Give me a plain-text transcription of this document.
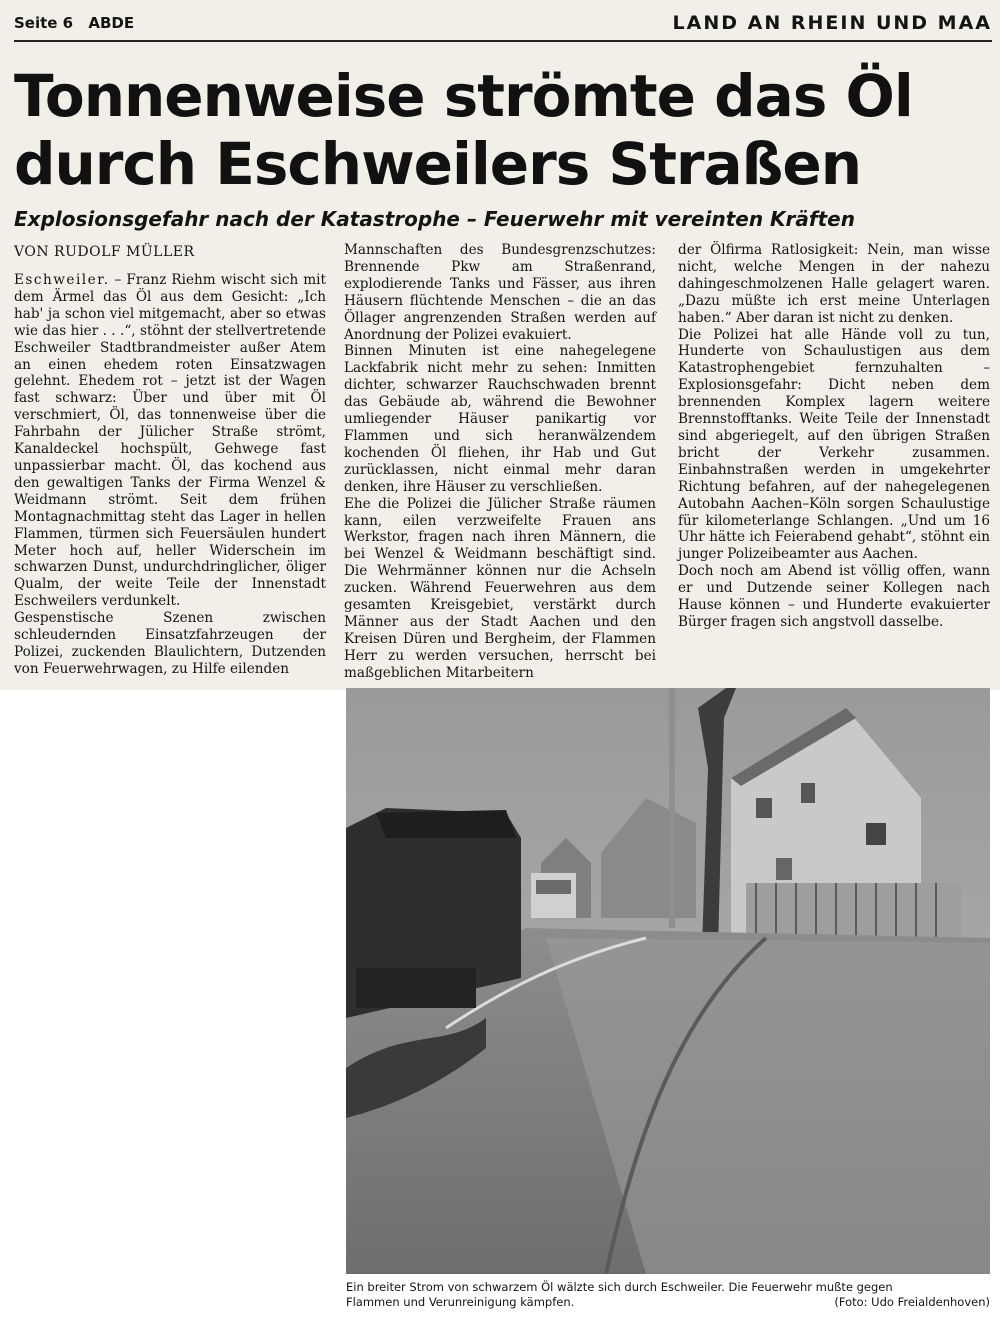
Seite 6 ABDE	LAND AN RHEIN UND MAA
Tonnenweise strömte das Öl
durch Eschweilers Straßen
Explosionsgefahr nach der Katastrophe – Feuerwehr mit vereinten Kräften
VON RUDOLF MÜLLER

Eschweiler. – Franz Riehm wischt sich mit dem Ärmel das Öl aus dem Gesicht: „Ich hab' ja schon viel mitgemacht, aber so etwas wie das hier . . .“, stöhnt der stellvertretende Eschweiler Stadtbrandmeister außer Atem an einen ehedem roten Einsatzwagen gelehnt. Ehedem rot – jetzt ist der Wagen fast schwarz: Über und über mit Öl verschmiert, Öl, das tonnenweise über die Fahrbahn der Jülicher Straße strömt, Kanaldeckel hochspült, Gehwege fast unpassierbar macht. Öl, das kochend aus den gewaltigen Tanks der Firma Wenzel & Weidmann strömt. Seit dem frühen Montagnachmittag steht das Lager in hellen Flammen, türmen sich Feuersäulen hundert Meter hoch auf, heller Widerschein im schwarzen Dunst, undurchdringlicher, öliger Qualm, der weite Teile der Innenstadt Eschweilers verdunkelt.

Gespenstische Szenen zwischen schleudernden Einsatzfahrzeugen der Polizei, zuckenden Blaulichtern, Dutzenden von Feuerwehrwagen, zu Hilfe eilenden

Mannschaften des Bundesgrenzschutzes: Brennende Pkw am Straßenrand, explodierende Tanks und Fässer, aus ihren Häusern flüchtende Menschen – die an das Öllager angrenzenden Straßen werden auf Anordnung der Polizei evakuiert.

Binnen Minuten ist eine nahegelegene Lackfabrik nicht mehr zu sehen: Inmitten dichter, schwarzer Rauchschwaden brennt das Gebäude ab, während die Bewohner umliegender Häuser panikartig vor Flammen und sich heranwälzendem kochenden Öl fliehen, ihr Hab und Gut zurücklassen, nicht einmal mehr daran denken, ihre Häuser zu verschließen.

Ehe die Polizei die Jülicher Straße räumen kann, eilen verzweifelte Frauen ans Werkstor, fragen nach ihren Männern, die bei Wenzel & Weidmann beschäftigt sind. Die Wehrmänner können nur die Achseln zucken. Während Feuerwehren aus dem gesamten Kreisgebiet, verstärkt durch Männer aus der Stadt Aachen und den Kreisen Düren und Bergheim, der Flammen Herr zu werden versuchen, herrscht bei maßgeblichen Mitarbeitern

der Ölfirma Ratlosigkeit: Nein, man wisse nicht, welche Mengen in der nahezu dahingeschmolzenen Halle gelagert waren. „Dazu müßte ich erst meine Unterlagen haben.“ Aber daran ist nicht zu denken.

Die Polizei hat alle Hände voll zu tun, Hunderte von Schaulustigen aus dem Katastrophengebiet fernzuhalten – Explosionsgefahr: Dicht neben dem brennenden Komplex lagern weitere Brennstofftanks. Weite Teile der Innenstadt sind abgeriegelt, auf den übrigen Straßen bricht der Verkehr zusammen. Einbahnstraßen werden in umgekehrter Richtung befahren, auf der nahegelegenen Autobahn Aachen–Köln sorgen Schaulustige für kilometerlange Schlangen. „Und um 16 Uhr hätte ich Feierabend gehabt“, stöhnt ein junger Polizeibeamter aus Aachen.

Doch noch am Abend ist völlig offen, wann er und Dutzende seiner Kollegen nach Hause können – und Hunderte evakuierter Bürger fragen sich angstvoll dasselbe.

Ein breiter Strom von schwarzem Öl wälzte sich durch Eschweiler. Die Feuerwehr mußte gegen
Flammen und Verunreinigung kämpfen.	(Foto: Udo Freialdenhoven)
